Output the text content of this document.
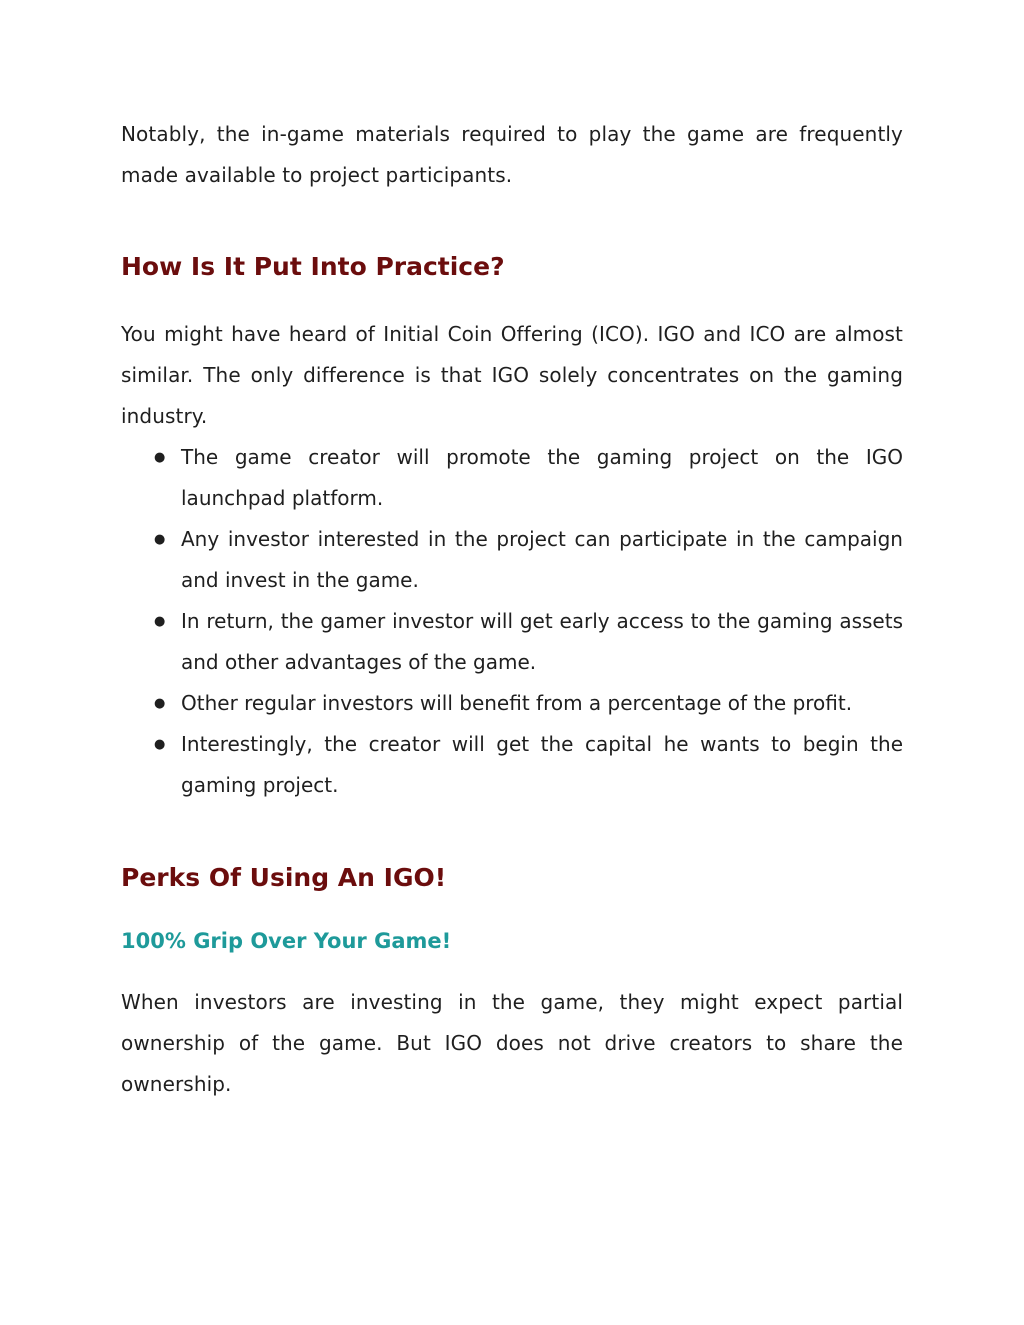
Notably, the in-game materials required to play the game are frequently made available to project participants.

How Is It Put Into Practice?

You might have heard of Initial Coin Offering (ICO). IGO and ICO are almost similar. The only difference is that IGO solely concentrates on the gaming industry.

● The game creator will promote the gaming project on the IGO launchpad platform.
● Any investor interested in the project can participate in the campaign and invest in the game.
● In return, the gamer investor will get early access to the gaming assets and other advantages of the game.
● Other regular investors will benefit from a percentage of the profit.
● Interestingly, the creator will get the capital he wants to begin the gaming project.
Perks Of Using An IGO!
100% Grip Over Your Game!

When investors are investing in the game, they might expect partial ownership of the game. But IGO does not drive creators to share the ownership.
